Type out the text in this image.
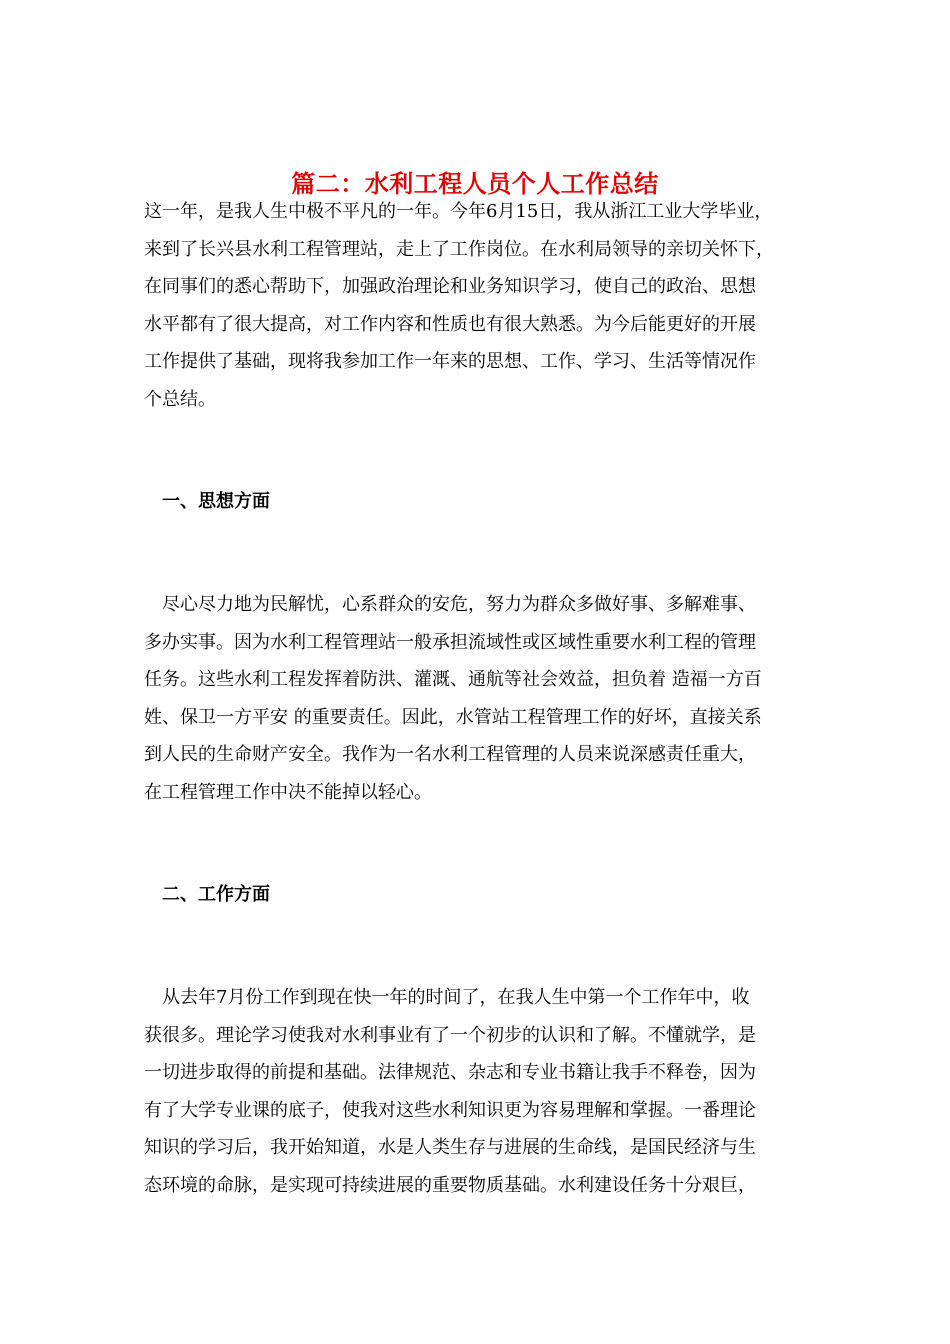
篇二：水利工程人员个人工作总结

这一年，是我人生中极不平凡的一年。今年6月15日，我从浙江工业大学毕业，
来到了长兴县水利工程管理站，走上了工作岗位。在水利局领导的亲切关怀下，
在同事们的悉心帮助下，加强政治理论和业务知识学习，使自己的政治、思想
水平都有了很大提高，对工作内容和性质也有很大熟悉。为今后能更好的开展
工作提供了基础，现将我参加工作一年来的思想、工作、学习、生活等情况作
个总结。

一、思想方面

尽心尽力地为民解忧，心系群众的安危，努力为群众多做好事、多解难事、
多办实事。因为水利工程管理站一般承担流域性或区域性重要水利工程的管理
任务。这些水利工程发挥着防洪、灌溉、通航等社会效益，担负着 造福一方百
姓、保卫一方平安 的重要责任。因此，水管站工程管理工作的好坏，直接关系
到人民的生命财产安全。我作为一名水利工程管理的人员来说深感责任重大，
在工程管理工作中决不能掉以轻心。

二、工作方面

从去年7月份工作到现在快一年的时间了，在我人生中第一个工作年中，收
获很多。理论学习使我对水利事业有了一个初步的认识和了解。不懂就学，是
一切进步取得的前提和基础。法律规范、杂志和专业书籍让我手不释卷，因为
有了大学专业课的底子，使我对这些水利知识更为容易理解和掌握。一番理论
知识的学习后，我开始知道，水是人类生存与进展的生命线，是国民经济与生
态环境的命脉，是实现可持续进展的重要物质基础。水利建设任务十分艰巨，
